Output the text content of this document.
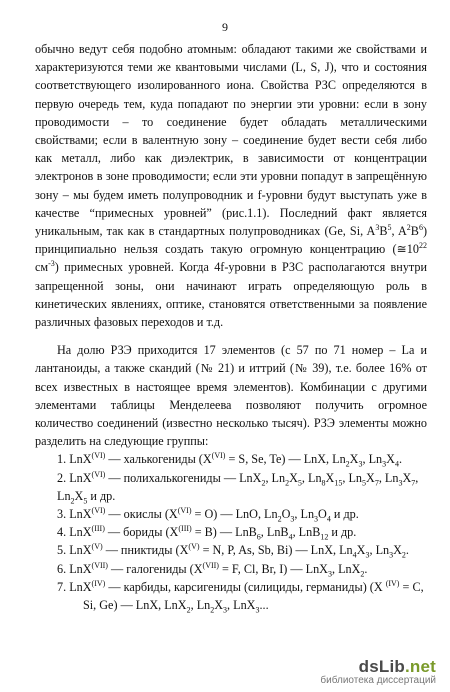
9

обычно ведут себя подобно атомным: обладают такими же свойствами и характеризуются теми же квантовыми числами (L, S, J), что и состояния соответствующего изолированного иона. Свойства РЗС определяются в первую очередь тем, куда попадают по энергии эти уровни: если в зону проводимости – то соединение будет обладать металлическими свойствами; если в валентную зону – соединение будет вести себя либо как металл, либо как диэлектрик, в зависимости от концентрации электронов в зоне проводимости; если эти уровни попадут в запрещённую зону – мы будем иметь полупроводник и f-уровни будут выступать уже в качестве “примесных уровней” (рис.1.1). Последний факт является уникальным, так как в стандартных полупроводниках (Ge, Si, $A^3B^5$, $A^2B^6$) принципиально нельзя создать такую огромную концентрацию ($≅10^{22}$ $см^{-3}$) примесных уровней. Когда 4f-уровни в РЗС располагаются внутри запрещенной зоны, они начинают играть определяющую роль в кинетических явлениях, оптике, становятся ответственными за появление различных фазовых переходов и т.д.

На долю РЗЭ приходится 17 элементов (с 57 по 71 номер – La и лантаноиды, а также скандий (№ 21) и иттрий (№ 39), т.е. более 16% от всех известных в настоящее время элементов). Комбинации с другими элементами таблицы Менделеева позволяют получить огромное количество соединений (известно несколько тысяч). РЗЭ элементы можно разделить на следующие группы:

1. LnX$^{(VI)}$ — халькогениды ($X^{(VI)} = S$, Se, Te) — LnX, $Ln_2X_3$, $Ln_3X_4$.
2. LnX$^{(VI)}$ — полихалькогениды — LnX$_2$, $Ln_2X_5$, $Ln_8X_{15}$, $Ln_5X_7$, $Ln_3X_7$, $Ln_2X_5$ и др.
3. LnX$^{(VI)}$ — окислы $(X^{(VI)} = O)$ — LnO, $Ln_2O_3$, $Ln_3O_4$ и др.
4. LnX$^{(III)}$ — бориды $(X^{(III)} = B)$ — LnB$_6$, LnB$_4$, LnB$_{12}$ и др.
5. LnX$^{(V)}$ — пниктиды ($X^{(V)} = N$, P, As, Sb, Bi) — LnX, $Ln_4X_3$, $Ln_3X_2$.
6. LnX$^{(VII)}$ — галогениды ($X^{(VII)} = F$, Cl, Br, I) — LnX$_3$, LnX$_2$.
7. LnX$^{(IV)}$ — карбиды, карсигениды (силициды, германиды) (X $^{(IV)}$ = C, Si, Ge) — LnX, LnX$_2$, $Ln_2X_3$, LnX$_3$...
dsLib.net
библиотека диссертаций
